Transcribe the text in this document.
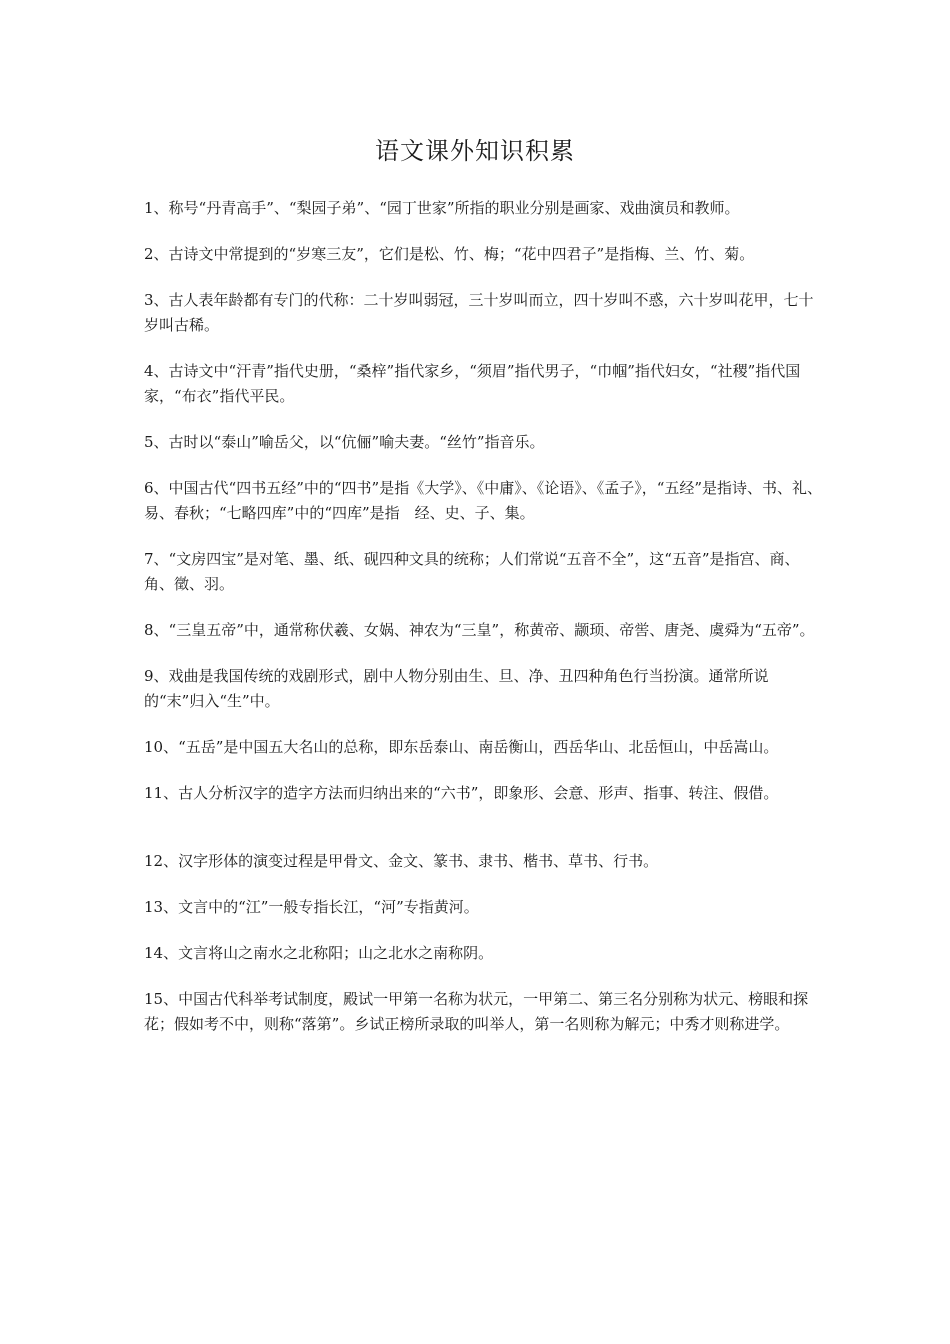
语文课外知识积累
1、称号“丹青高手”、“梨园子弟”、“园丁世家”所指的职业分别是画家、戏曲演员和教师。
2、古诗文中常提到的“岁寒三友”，它们是松、竹、梅；“花中四君子”是指梅、兰、竹、菊。
3、古人表年龄都有专门的代称：二十岁叫弱冠，三十岁叫而立，四十岁叫不惑，六十岁叫花甲，七十岁叫古稀。
4、古诗文中“汗青”指代史册，“桑梓”指代家乡，“须眉”指代男子，“巾帼”指代妇女，“社稷”指代国家，“布衣”指代平民。
5、古时以“泰山”喻岳父，以“伉俪”喻夫妻。“丝竹”指音乐。
6、中国古代“四书五经”中的“四书”是指《大学》、《中庸》、《论语》、《孟子》，“五经”是指诗、书、礼、易、春秋；“七略四库”中的“四库”是指　经、史、子、集。
7、“文房四宝”是对笔、墨、纸、砚四种文具的统称；人们常说“五音不全”，这“五音”是指宫、商、角、徵、羽。
8、“三皇五帝”中，通常称伏羲、女娲、神农为“三皇”，称黄帝、颛顼、帝喾、唐尧、虞舜为“五帝”。
9、戏曲是我国传统的戏剧形式，剧中人物分别由生、旦、净、丑四种角色行当扮演。通常所说的“末”归入“生”中。
10、“五岳”是中国五大名山的总称，即东岳泰山、南岳衡山，西岳华山、北岳恒山，中岳嵩山。
11、古人分析汉字的造字方法而归纳出来的“六书”，即象形、会意、形声、指事、转注、假借。
12、汉字形体的演变过程是甲骨文、金文、篆书、隶书、楷书、草书、行书。
13、文言中的“江”一般专指长江，“河”专指黄河。
14、文言将山之南水之北称阳；山之北水之南称阴。
15、中国古代科举考试制度，殿试一甲第一名称为状元，一甲第二、第三名分别称为状元、榜眼和探花；假如考不中，则称“落第”。乡试正榜所录取的叫举人，第一名则称为解元；中秀才则称进学。
